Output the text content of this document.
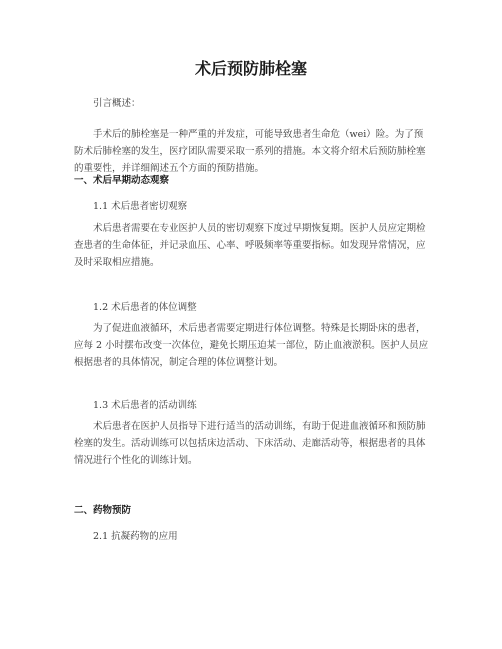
术后预防肺栓塞

引言概述：

手术后的肺栓塞是一种严重的并发症，可能导致患者生命危（wei）险。为了预防术后肺栓塞的发生，医疗团队需要采取一系列的措施。本文将介绍术后预防肺栓塞的重要性，并详细阐述五个方面的预防措施。

一、术后早期动态观察

1.1 术后患者密切观察

术后患者需要在专业医护人员的密切观察下度过早期恢复期。医护人员应定期检查患者的生命体征，并记录血压、心率、呼吸频率等重要指标。如发现异常情况，应及时采取相应措施。

1.2 术后患者的体位调整

为了促进血液循环，术后患者需要定期进行体位调整。特殊是长期卧床的患者，应每 2 小时摆布改变一次体位，避免长期压迫某一部位，防止血液淤积。医护人员应根据患者的具体情况，制定合理的体位调整计划。

1.3 术后患者的活动训练

术后患者在医护人员指导下进行适当的活动训练，有助于促进血液循环和预防肺栓塞的发生。活动训练可以包括床边活动、下床活动、走廊活动等，根据患者的具体情况进行个性化的训练计划。

二、药物预防

2.1 抗凝药物的应用
